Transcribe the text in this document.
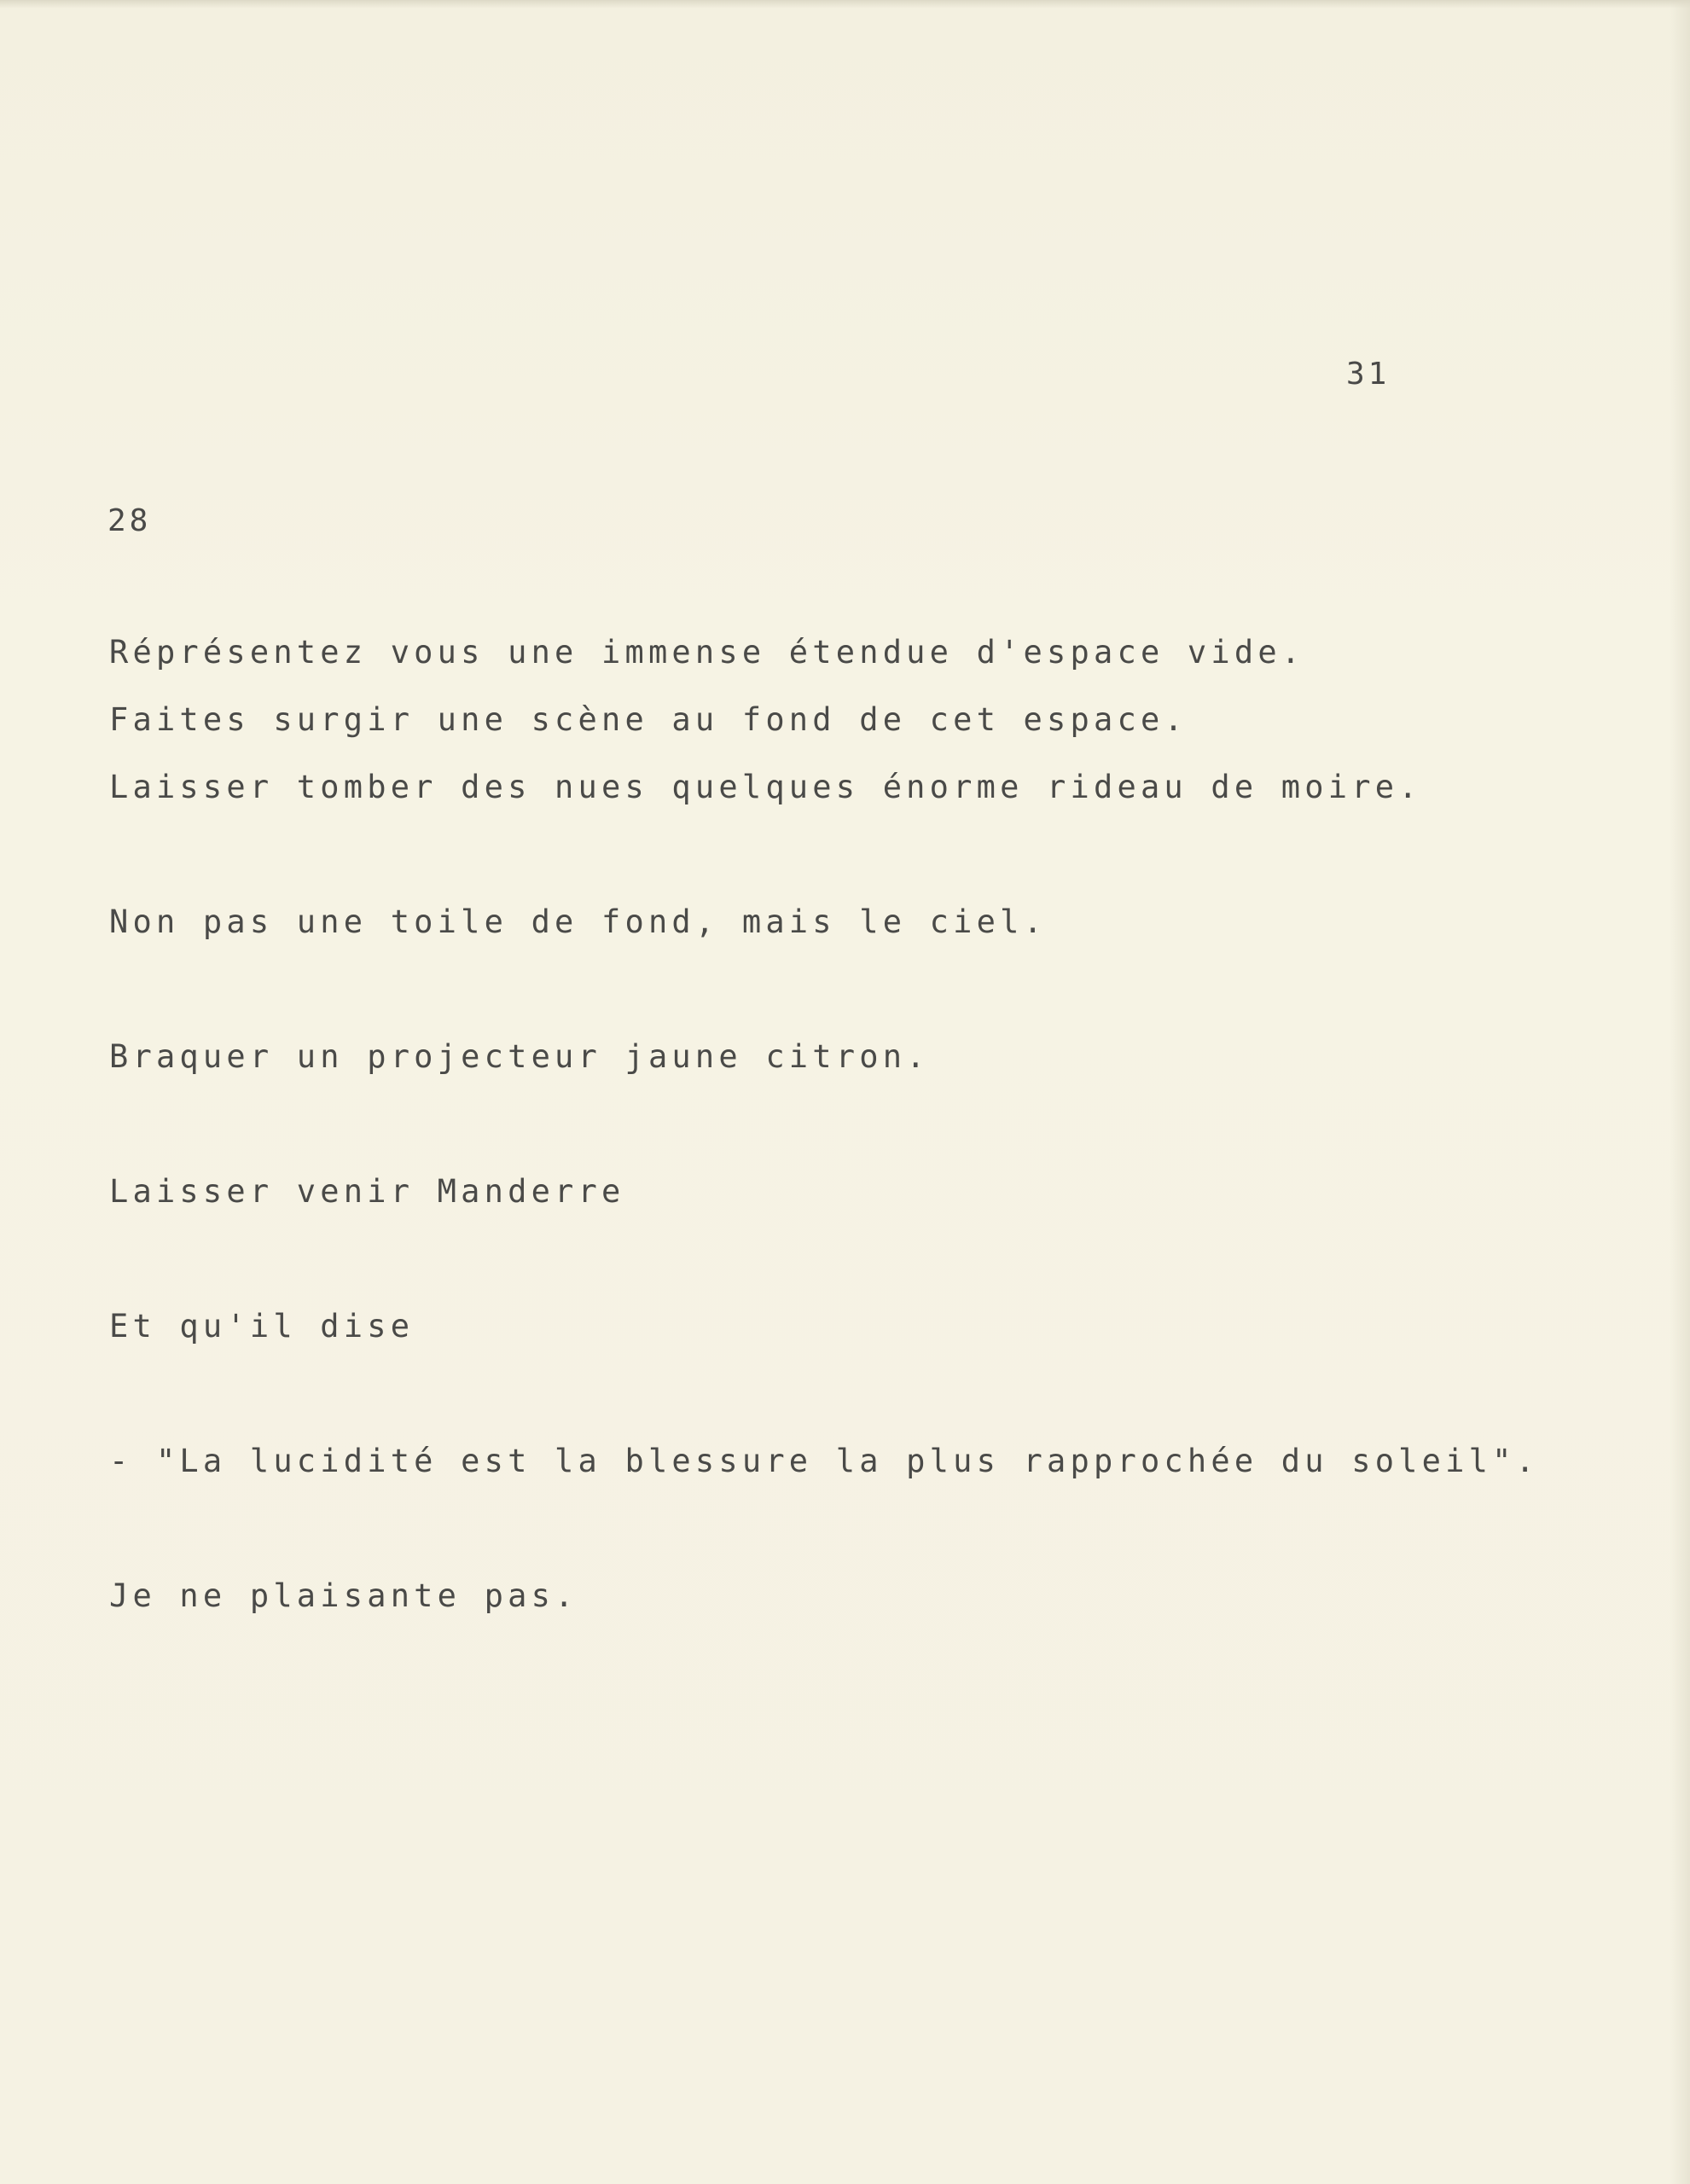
31
28
Réprésentez vous une immense étendue d'espace vide.
Faites surgir une scène au fond de cet espace.
Laisser tomber des nues quelques énorme rideau de moire.
Non pas une toile de fond, mais le ciel.
Braquer un projecteur jaune citron.
Laisser venir Manderre
Et qu'il dise
- "La lucidité est la blessure la plus rapprochée du soleil".
Je ne plaisante pas.
